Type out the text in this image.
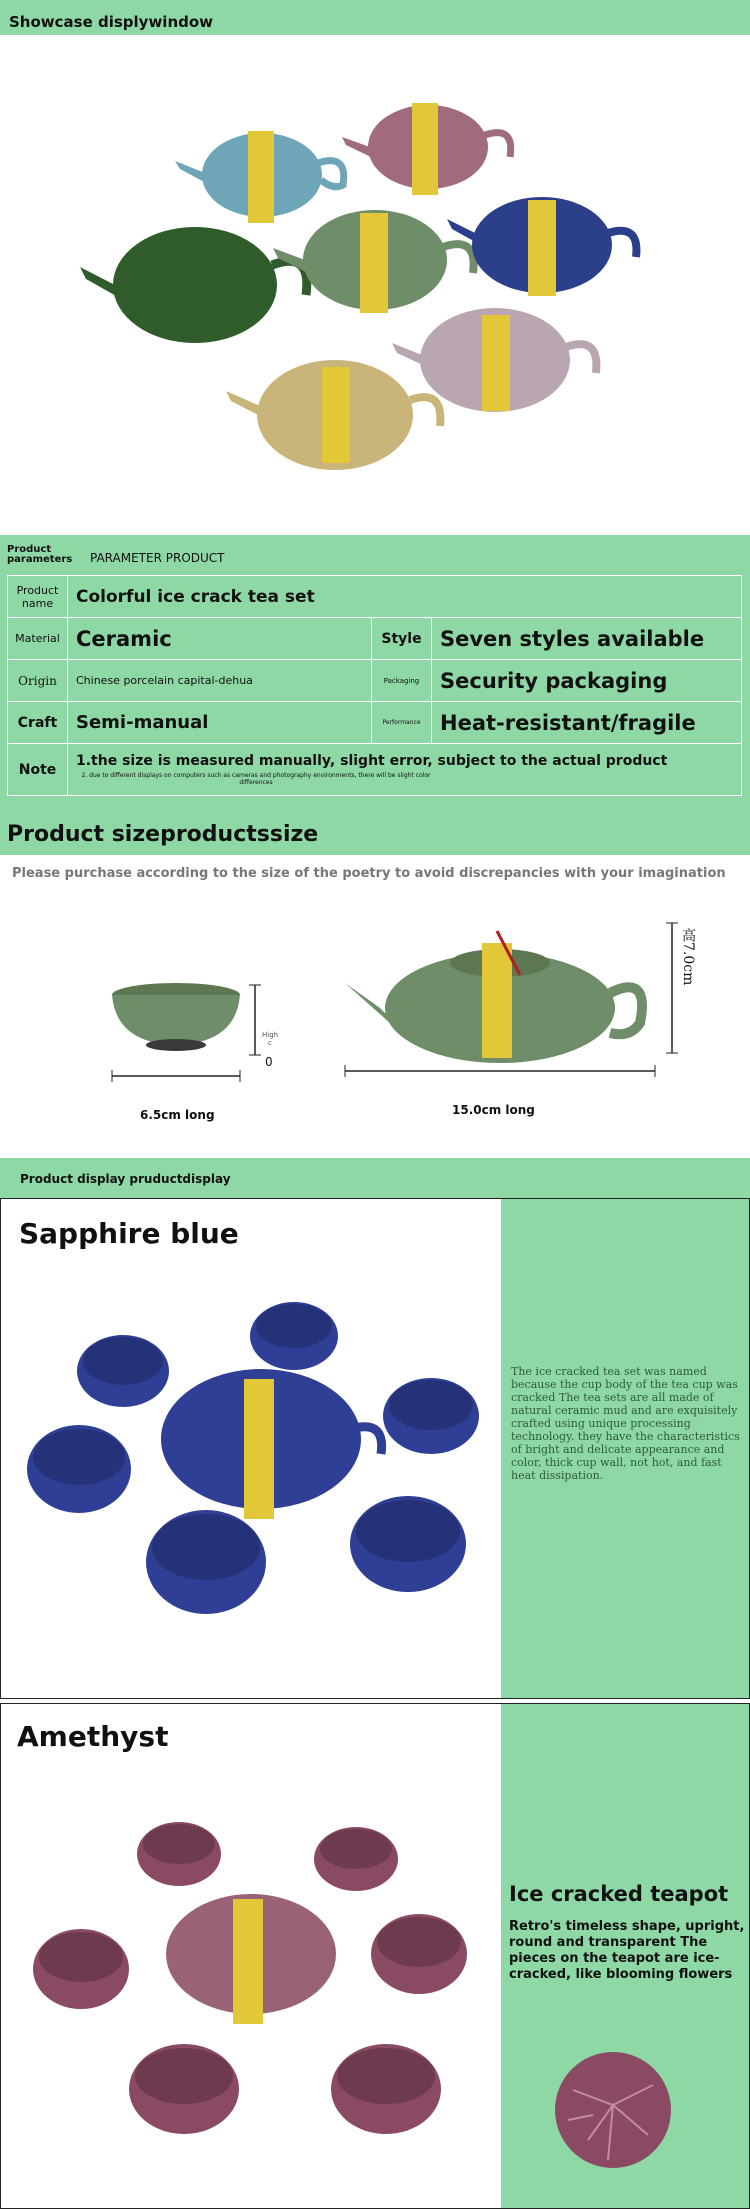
Showcase displywindow
Product parameters PARAMETER PRODUCT
Product name	Colorful ice crack tea set		
Material	Ceramic	Style	Seven styles available
Origin	Chinese porcelain capital-dehua	Packaging	Security packaging
Craft	Semi-manual	Performance	Heat-resistant/fragile
Note	1.the size is measured manually, slight error, subject to the actual product
2. due to different displays on computers such as cameras and photography environments, there will be slight color differences		
Product sizeproductssize
Please purchase according to the size of the poetry to avoid discrepancies with your imagination
6.5cm long
High
c
0
15.0cm long
高7.0cm
Product display pruductdisplay
Sapphire blue
The ice cracked tea set was named because the cup body of the tea cup was cracked The tea sets are all made of natural ceramic mud and are exquisitely crafted using unique processing technology. they have the characteristics of bright and delicate appearance and color, thick cup wall, not hot, and fast heat dissipation.
Amethyst
Ice cracked teapot
Retro's timeless shape, upright, round and transparent The pieces on the teapot are ice-cracked, like blooming flowers
